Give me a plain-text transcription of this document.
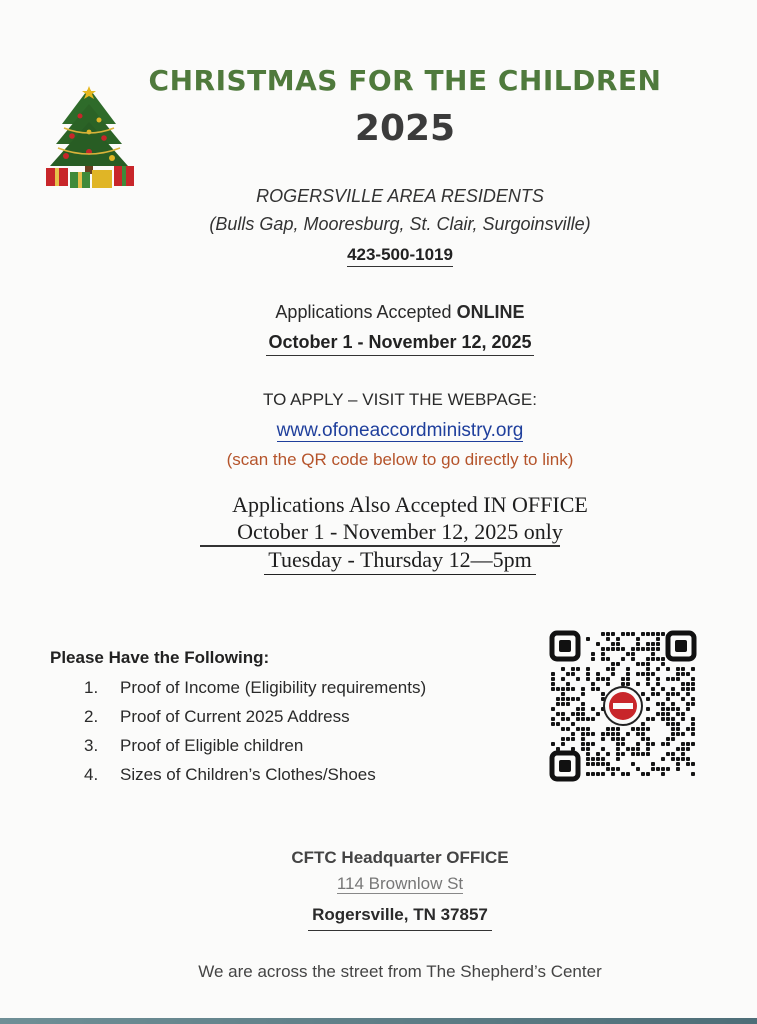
CHRISTMAS FOR THE CHILDREN
2025
ROGERSVILLE AREA RESIDENTS
(Bulls Gap, Mooresburg, St. Clair, Surgoinsville)
423-500-1019
Applications Accepted ONLINE
October 1 - November 12, 2025
TO APPLY – VISIT THE WEBPAGE:
www.ofoneaccordministry.org
(scan the QR code below to go directly to link)
Applications Also Accepted IN OFFICE
October 1 - November 12, 2025 only
Tuesday - Thursday 12—5pm
Please Have the Following:
1. Proof of Income (Eligibility requirements)
2. Proof of Current 2025 Address
3. Proof of Eligible children
4. Sizes of Children’s Clothes/Shoes
CFTC Headquarter OFFICE
114 Brownlow St
Rogersville, TN 37857
We are across the street from The Shepherd’s Center
